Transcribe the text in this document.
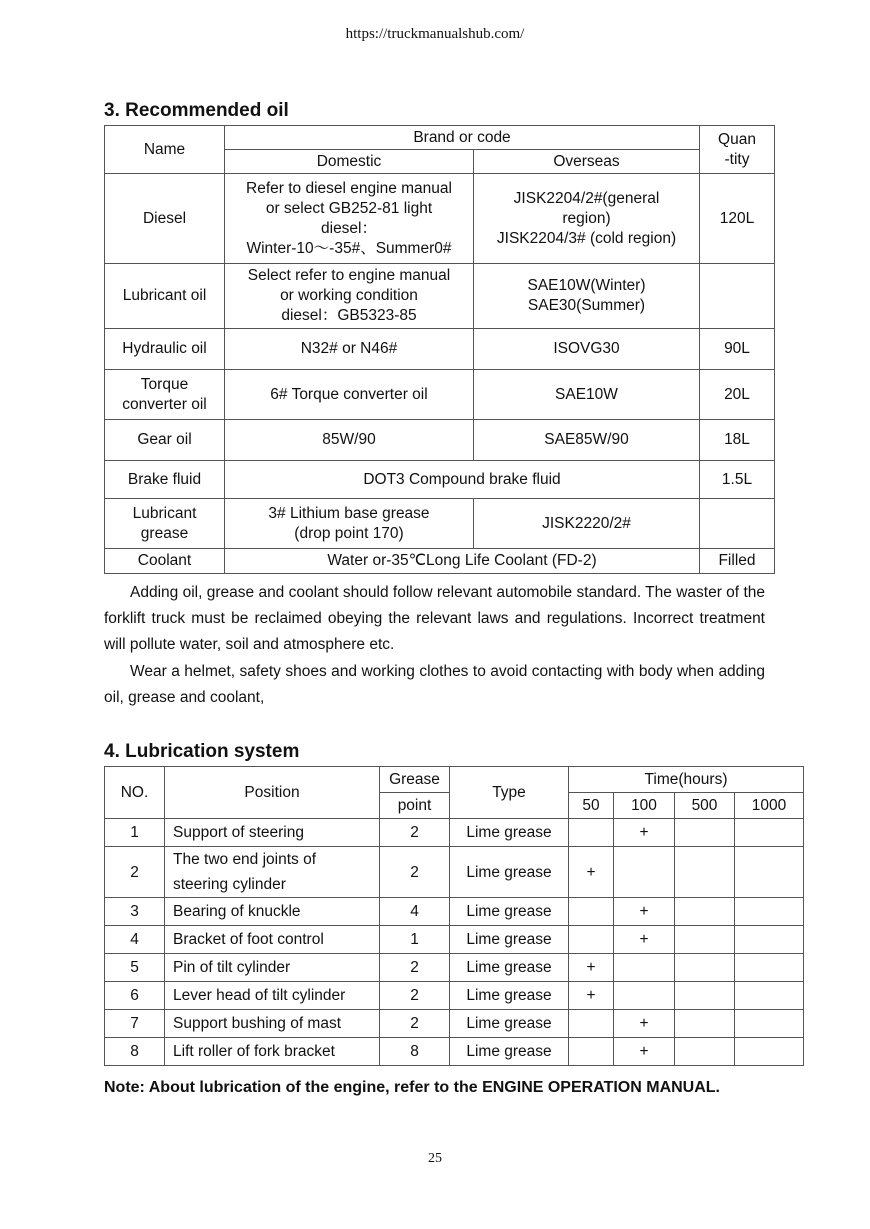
https://truckmanualshub.com/
3. Recommended oil
Name	Brand or code		Quan
-tity
	Domestic	Overseas	
Diesel	Refer to diesel engine manual
or select GB252-81 light
diesel：
Winter-10～-35#、Summer0#	JISK2204/2#(general
region)
JISK2204/3# (cold region)	120L
Lubricant oil	Select refer to engine manual
or working condition
diesel：GB5323-85	SAE10W(Winter)
SAE30(Summer)	
Hydraulic oil	N32# or N46#	ISOVG30	90L
Torque
converter oil	6# Torque converter oil	SAE10W	20L
Gear oil	85W/90	SAE85W/90	18L
Brake fluid	DOT3 Compound brake fluid		1.5L
Lubricant
grease	3# Lithium base grease
(drop point 170)	JISK2220/2#	
Coolant	Water or-35℃Long Life Coolant (FD-2)		Filled
Adding oil, grease and coolant should follow relevant automobile standard. The waster of the forklift truck must be reclaimed obeying the relevant laws and regulations. Incorrect treatment will pollute water, soil and atmosphere etc.
Wear a helmet, safety shoes and working clothes to avoid contacting with body when adding oil, grease and coolant,
4. Lubrication system
NO.	Position	Grease	Type	Time(hours)			
		point		50	100	500	1000
1	Support of steering	2	Lime grease		+		
2	The two end joints of
steering cylinder	2	Lime grease	+			
3	Bearing of knuckle	4	Lime grease		+		
4	Bracket of foot control	1	Lime grease		+		
5	Pin of tilt cylinder	2	Lime grease	+			
6	Lever head of tilt cylinder	2	Lime grease	+			
7	Support bushing of mast	2	Lime grease		+		
8	Lift roller of fork bracket	8	Lime grease		+		
Note: About lubrication of the engine, refer to the ENGINE OPERATION MANUAL.
25
